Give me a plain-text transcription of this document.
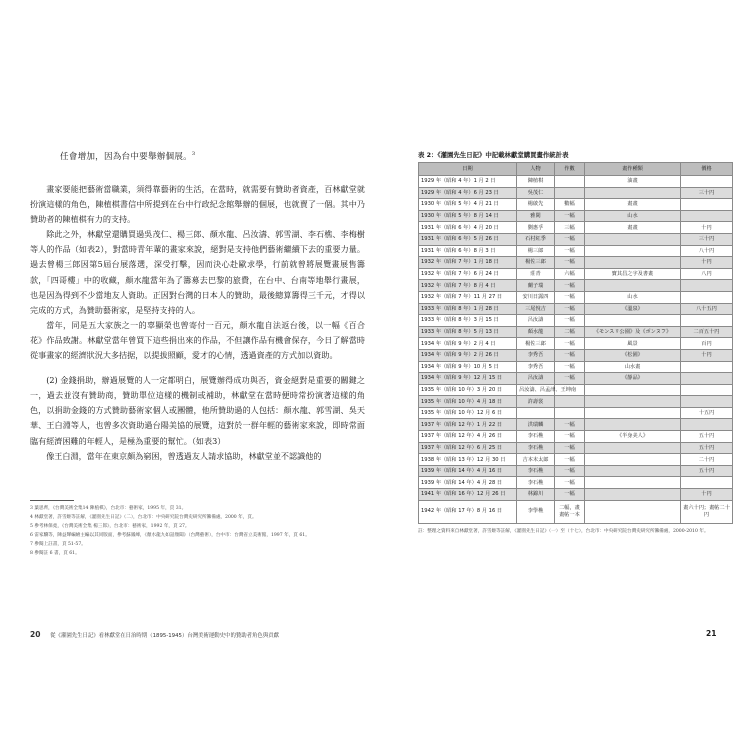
任會增加，因為台中要舉辦個展。$^3$

畫家要能把藝術當職業，須得靠藝術的生活，在當時，就需要有贊助者資產，百林獻堂就扮演這樣的角色，陳植棋書信中所提到在台中行政紀念館舉辦的個展，也就賣了一個。其中乃贊助者的陳植棋有力的支持。

除此之外，林獻堂還購買過吳茂仁、楊三郎、顏水龍、呂汝濤、郭雪湖、李石樵、李梅樹等人的作品（如表2），對當時青年輩的畫家來說，絕對是支持他們藝術繼續下去的重要力量。過去曾楊三郎因第5屆台展落選，深受打擊，因而決心赴歐求學，行前就曾將展覽畫展售籌款，「四哥樓」中的收藏，顏水龍當年為了籌募去巴黎的旅費，在台中、台南等地舉行畫展，也是因為得到不少當地友人資助。正因對台灣的日本人的贊助，最後總算籌得三千元，才得以完成的方式，為贊助藝術家，是堅持支持的人。

當年，同是五大家族之一的辜顯榮也曾寄付一百元，顏水龍自法返台後，以一幅《百合花》作品致謝。林獻堂當年曾買下這些捐出來的作品，不但讓作品有機會保存，今日了解當時從事畫家的經濟狀況大多拮据，以提拔照顧，愛才的心情，透過資產的方式加以資助。

(2) 金錢捐助，辦過展覽的人一定都明白，展覽辦得成功與否，資金絕對是重要的關鍵之一，過去並沒有贊助商，贊助單位這樣的機制或補助，林獻堂在當時便時常扮演著這樣的角色，以捐助金錢的方式贊助藝術家個人或團體，他所贊助過的人包括：顏水龍、郭雪湖、吳天華、王白淵等人，也曾多次資助過台陽美協的展覽，這對於一群年輕的藝術家來說，即時常面臨有經濟困難的年輕人，是極為重要的幫忙。（如表3）

像王白淵，當年在東京頗為窮困，曾透過友人請求協助，林獻堂並不認識他的

3 葉思齊，《台灣美術全集14 陳植棋》，台北市：藝術家，1995 年，頁 31。
4 林獻堂著，許雪姬等註解，《灌園先生日記》（二），台北市：中央研究院台灣史研究所籌備處，2000 年，頁。
5 參考林保堯，《台灣美術全集 楊三郎》，台北市：藝術家，1992 年，頁 27。
6 雷家驥等，陳益聲編繪主編以其同版面，參考蘇鳳峰，《顏水龍九如話顏聞》（台灣藝術），台中市：台灣省立美術館，1997 年，頁 61。
7 參閱上註書，頁 51-57。
8 參閱註 6 書，頁 61。
20 從《灌園先生日記》看林獻堂在日治時期（1895-1945）台灣美術運動史中的贊助者角色與貢獻
表 2：《灌園先生日記》中記載林獻堂購買畫作統計表
日期	人物	作數	畫作種類	價格
1929 年（昭和 4 年）1 月 2 日	陳植棋		油畫	
1929 年（昭和 4 年）6 月 23 日	吳茂仁			三十円
1930 年（昭和 5 年）4 月 21 日	楊啟先	數幅	畫畫	
1930 年（昭和 5 年）8 月 14 日	雅閑	一幅	山水	
1931 年（昭和 6 年）4 月 20 日	劉惠孚	三幅	畫畫	十円
1931 年（昭和 6 年）5 月 26 日	石村紅季	一幅		三十円
1931 年（昭和 6 年）8 月 3 日	楊三郎	一幅		八十円
1932 年（昭和 7 年）1 月 18 日	楊佐三郎	一幅		十円
1932 年（昭和 7 年）6 月 24 日	莊青	六幅	寶其昌之字及書畫	八円
1932 年（昭和 7 年）8 月 4 日	蘭子瑞	一幅		
1932 年（昭和 7 年）11 月 27 日	安川日露四	一幅	山水	
1933 年（昭和 8 年）1 月 28 日	三尾悅吉	一幅	《溫泉》	八十五円
1933 年（昭和 8 年）3 月 15 日	呂汝濤	一幅		
1933 年（昭和 8 年）5 月 13 日	顏水龍	二幅	《モンスリ公園》及《ポンヌフ》	二百五十円
1934 年（昭和 9 年）2 月 4 日	楊佐三郎	一幅	風景	百円
1934 年（昭和 9 年）2 月 26 日	李秀吾	一幅	《松園》	十円
1934 年（昭和 9 年）10 月 5 日	李秀吾	一幅	山水畫	
1934 年（昭和 9 年）12 月 15 日	呂汝濤	一幅	《靜品》	
1935 年（昭和 10 年）3 月 20 日	呂汝濤、呂孟津、王坤南			
1935 年（昭和 10 年）4 月 18 日	許壽裳			
1935 年（昭和 10 年）12 月 6 日				十五円
1937 年（昭和 12 年）1 月 22 日	洪瑞麟	一幅		
1937 年（昭和 12 年）4 月 26 日	李石樵	一幅	《半身美人》	五十円
1937 年（昭和 12 年）6 月 25 日	李石樵	一幅		五十円
1938 年（昭和 13 年）12 月 30 日	吉本末太郎	一幅		二十円
1939 年（昭和 14 年）4 月 16 日	李石樵	一幅		五十円
1939 年（昭和 14 年）4 月 28 日	李石樵	一幅		
1941 年（昭和 16 年）12 月 26 日	林錦川	一幅		十円

1942 年（昭和 17 年）8 月 16 日	李學樵	二幅，畫畫帖一本		畫六十円；畫帖二十円
註：整理之資料來自林獻堂著，許雪姬等註解，《灌園先生日記》（一）至（十七），台北市：中央研究院台灣史研究所籌備處，2000-2010 年。
21
